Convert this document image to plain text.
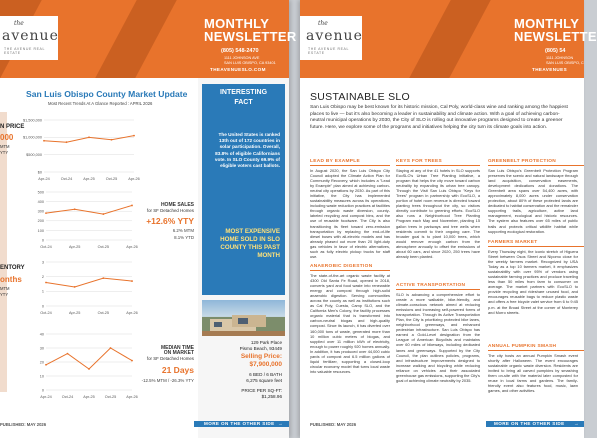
the
avenue
THE AVENUE REAL ESTATE
MONTHLY
NEWSLETTER
(805) 548-2470
1111 JOHNSON AVE
SAN LUIS OBISPO, CA 93401
THEAVENUESLO.COM
San Luis Obispo County Market Update
Most Recent Trends At A Glance Reported : APRIL 2026
N PRICE
000
MTM
YTY
ENTORY
onths
MTM
YTY
$1,500,000
$1,000,000
$500,000
$0
Apr-24	Oct-24	Apr-25	Oct-25	Apr-26
500
400
300
200
100
0
Oct-24	Apr-25	Oct-25	Apr-26
3
2
1
0
Oct-24	Apr-25	Oct-25	Apr-26
40
30
20
10
0
Apr-24	Oct-24	Apr-25	Oct-25	Apr-26
HOME SALES
for SF Detached Homes
+12.6% YTY
6.2% MTM
8.1% YTD
MEDIAN TIME
ON MARKET
for SF Detached Homes
21 Days
-12.5% MTM / -26.3% YTY
INTERESTING
FACT
The United States is ranked 13th out of 172 countries in solar participation. Overall, 83.8% of eligible Californians vote. In SLO County 69.9% of eligible voters cast ballots.
MOST EXPENSIVE HOME SOLD IN SLO COUNTY THIS PAST MONTH
129 Park Place
Pismo Beach, 93449
Selling Price:
$7,900,000
6 BED / 6 BATH
6,275 square feet
PRICE PER SQ-FT:
$1,258.96
PUBLISHED: MAY 2026	MORE ON THE OTHER SIDE →
the
avenue
THE AVENUE REAL ESTATE
MONTHLY
NEWSLETTE
(805) 54
1111 JOHNSON
SAN LUIS OBISPO, C
THEAVENUES
SUSTAINABLE SLO
San Luis Obispo may be best known for its historic mission, Cal Poly, world-class wine and ranking among the happiest places to live — but it's also becoming a leader in sustainability and climate action. With a goal of achieving carbon-neutral municipal operations by 2030, the City of SLO is rolling out innovative programs designed to create a greener future. Here, we explore some of the programs and initiatives helping the city turn its climate goals into action.
LEAD BY EXAMPLE
In August 2020, the San Luis Obispo City Council adopted the Climate Action Plan for Community Recovery, which includes a "Lead by Example" plan aimed at achieving carbon-neutral city operations by 2030. As part of this initiative, the City has implemented sustainability measures across its operations, including waste reduction practices at facilities through organic waste diversion, county-labeled recycling and compost bins, and the use of reusable foodware. The City is also transitioning its fleet toward zero-emission transportation by replacing the end-of-life diesel buses with all-electric models and has already phased out more than 20 light-duty gas vehicles in favor of electric alternatives, such as fully electric pickup trucks for staff use.
ANAEROBIC DIGESTION
The state-of-the-art organic waste facility at 4300 Old Santa Fe Road, opened in 2018, converts yard and food waste into renewable energy and compost through high-solid anaerobic digestion. Serving communities across the county as well as institutions such as Cal Poly, Cuesta, Camp SLO, and the California Men's Colony, the facility processes organic material that is transformed into carbon-neutral biogas and high-quality compost. Since its launch, it has diverted over 160,000 tons of waste, generated more than 10 million cubic meters of biogas, and supplied over 11 million kWh of electricity, enough to power roughly 920 homes annually. In addition, it has produced over 44,000 cubic yards of compost and 6.5 million gallons of liquid fertilizer, supporting a closed-loop circular economy model that turns local waste into valuable resources.
KEYS FOR TREES
Staying at any of the 41 hotels in SLO supports EcoSLO's Urban Tree Planting initiative, a program that helps the city move toward carbon neutrality by expanding its urban tree canopy. Through the Visit San Luis Obispo "Keys for Trees" program in partnership with EcoSLO, a portion of hotel room revenue is directed toward planting trees throughout the city, so visitors directly contribute to greening efforts. EcoSLO also runs a Neighborhood Tree Planting Program each May and November, planting 15 gallon trees in parkways and tree wells when residents commit to their ongoing care. The broader goal is to plant 10,000 trees, which would remove enough carbon from the atmosphere annually to offset the emissions of about 60 cars, and since 2020, 250 trees have already been planted.
ACTIVE TRANSPORTATION
SLO is advancing a comprehensive effort to create a more walkable, bike-friendly, and climate-conscious network aimed at reducing emissions and increasing self-powered forms of transportation. Through its Active Transportation Plan, the City is prioritizing protected bike lanes, neighborhood greenways, and enhanced pedestrian infrastructure. San Luis Obispo has earned a Gold-Level designation from the League of American Bicyclists and maintains over 60 miles of bikeways, including dedicated lanes and greenways. Supported by the City Council, the plan outlines policies, programs, and infrastructure improvements designed to increase walking and bicycling while reducing reliance on vehicles and their associated greenhouse gas emissions, supporting the City's goal of achieving climate neutrality by 2035.
GREENBELT PROTECTION
San Luis Obispo's Greenbelt Protection Program preserves the scenic and natural landscape through land acquisition, conservation easements, development dedications and donations. The Greenbelt area spans over 54,400 acres, with approximately 8,000 acres under conservation protection, about 80% of these protected lands are dedicated to habitat conservation and the remainder supporting trails, agriculture, active land management, ecological and historic resources. The system also features over 65 miles of public trails and protects critical wildlife habitat while supporting ecological restoration.
FARMERS MARKET
Every Thursday night, the iconic stretch of Higuera Street between Osos Street and Nipomo close for the weekly farmers market. Recognized by USA Today as a top 10 farmers market, it emphasizes sustainability with over 95% of vendors using sustainable farming practices and produce traveling less than 50 miles from farm to consumer on average. The market partners with EcoSLO to provide recycling and rideshare unused food, and encourages reusable bags to reduce plastic waste and offers a free bicycle valet service from 6 to 9:45 p.m. at the Broad Street at the corner of Monterey and Morro streets.
ANNUAL PUMPKIN SMASH
The city hosts an annual Pumpkin Smash event shortly after Halloween. The event encourages sustainable organic waste diversion. Residents are invited to bring all carved pumpkins by smashing them on-site with the material later composted for reuse in local farms and gardens. The family-friendly event also features food, music, lawn games, and other activities.
PUBLISHED: MAY 2026	MORE ON THE OTHER SIDE →
